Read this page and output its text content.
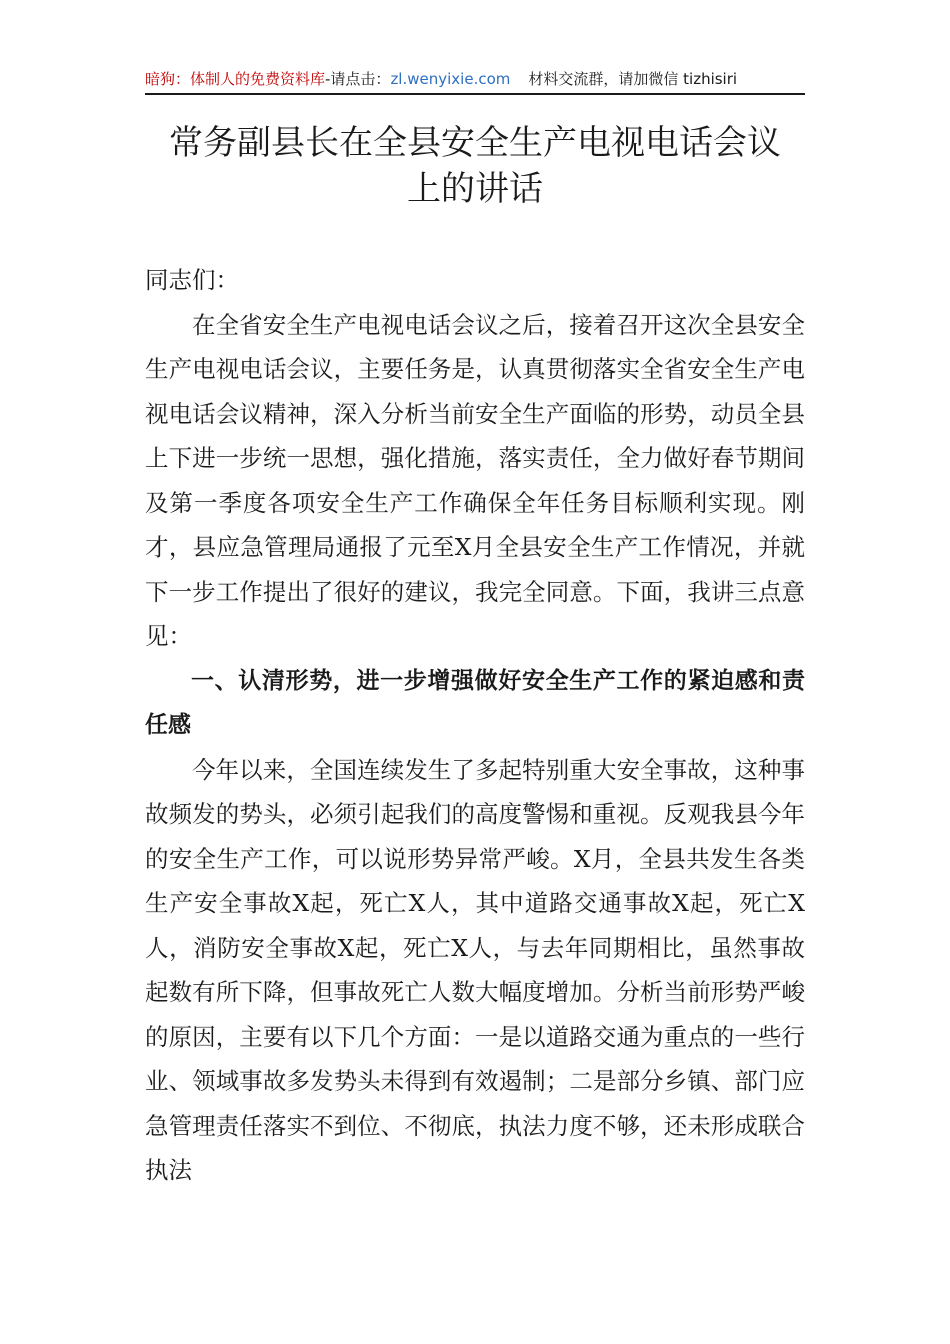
暗狗：体制人的免费资料库-请点击：zl.wenyixie.com 材料交流群，请加微信 tizhisiri
常务副县长在全县安全生产电视电话会议
上的讲话

同志们：

在全省安全生产电视电话会议之后，接着召开这次全县安全生产电视电话会议，主要任务是，认真贯彻落实全省安全生产电视电话会议精神，深入分析当前安全生产面临的形势，动员全县上下进一步统一思想，强化措施，落实责任，全力做好春节期间及第一季度各项安全生产工作确保全年任务目标顺利实现。刚才，县应急管理局通报了元至X月全县安全生产工作情况，并就下一步工作提出了很好的建议，我完全同意。下面，我讲三点意见：

一、认清形势，进一步增强做好安全生产工作的紧迫感和责任感

今年以来，全国连续发生了多起特别重大安全事故，这种事故频发的势头，必须引起我们的高度警惕和重视。反观我县今年的安全生产工作，可以说形势异常严峻。X月，全县共发生各类生产安全事故X起，死亡X人，其中道路交通事故X起，死亡X人，消防安全事故X起，死亡X人，与去年同期相比，虽然事故起数有所下降，但事故死亡人数大幅度增加。分析当前形势严峻的原因，主要有以下几个方面：一是以道路交通为重点的一些行业、领域事故多发势头未得到有效遏制；二是部分乡镇、部门应急管理责任落实不到位、不彻底，执法力度不够，还未形成联合执法
